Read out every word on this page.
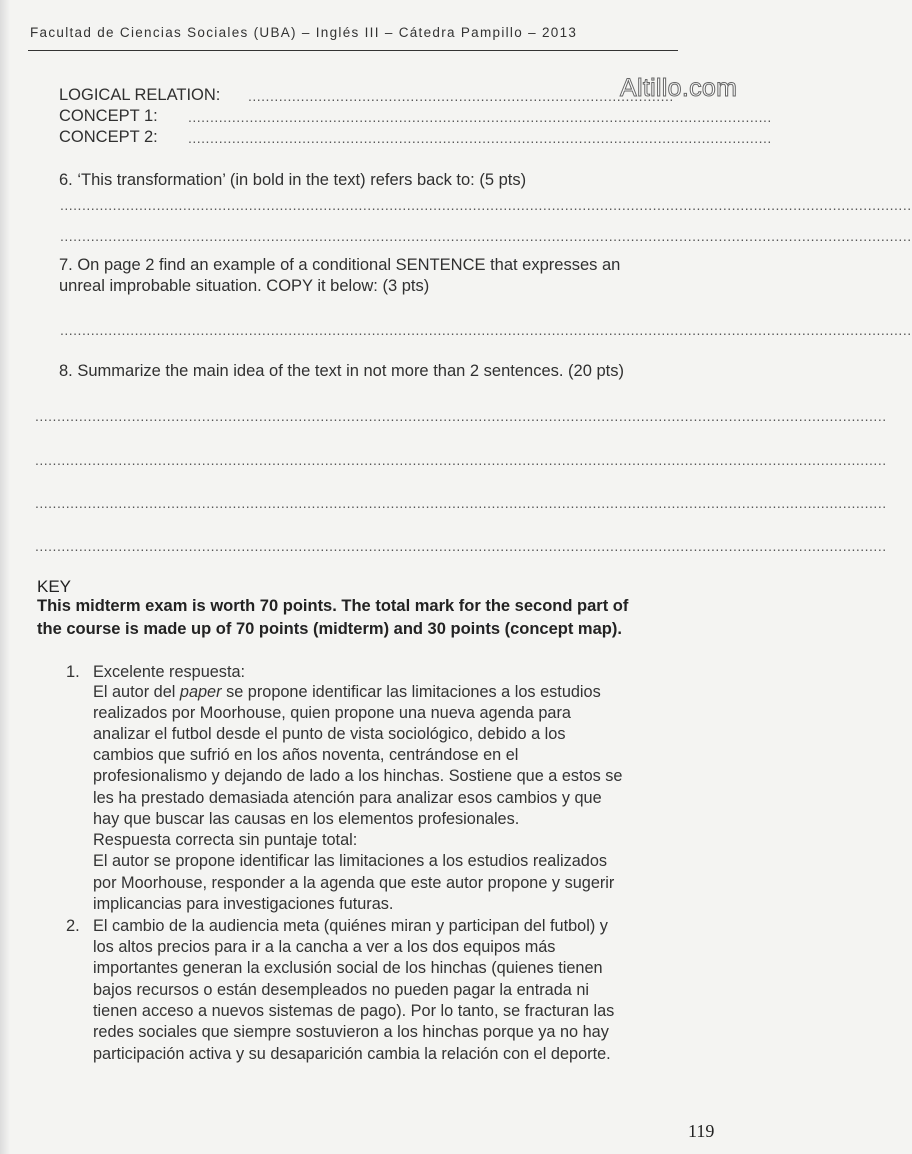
Facultad de Ciencias Sociales (UBA) – Inglés III – Cátedra Pampillo – 2013
Altillo.com
LOGICAL RELATION: .................................................................................................
CONCEPT 1: .....................................................................................................................................
CONCEPT 2: .....................................................................................................................................
6. ‘This transformation’ (in bold in the text) refers back to: (5 pts)
..................................................................................................................................................................................................
..................................................................................................................................................................................................
7. On page 2 find an example of a conditional SENTENCE that expresses an
unreal improbable situation. COPY it below: (3 pts)
..................................................................................................................................................................................................
8. Summarize the main idea of the text in not more than 2 sentences. (20 pts)
..................................................................................................................................................................................................
..................................................................................................................................................................................................
..................................................................................................................................................................................................
..................................................................................................................................................................................................
KEY
This midterm exam is worth 70 points. The total mark for the second part of
the course is made up of 70 points (midterm) and 30 points (concept map).
1. Excelente respuesta:
El autor del paper se propone identificar las limitaciones a los estudios
realizados por Moorhouse, quien propone una nueva agenda para
analizar el futbol desde el punto de vista sociológico, debido a los
cambios que sufrió en los años noventa, centrándose en el
profesionalismo y dejando de lado a los hinchas. Sostiene que a estos se
les ha prestado demasiada atención para analizar esos cambios y que
hay que buscar las causas en los elementos profesionales.
Respuesta correcta sin puntaje total:
El autor se propone identificar las limitaciones a los estudios realizados
por Moorhouse, responder a la agenda que este autor propone y sugerir
implicancias para investigaciones futuras.
2. El cambio de la audiencia meta (quiénes miran y participan del futbol) y
los altos precios para ir a la cancha a ver a los dos equipos más
importantes generan la exclusión social de los hinchas (quienes tienen
bajos recursos o están desempleados no pueden pagar la entrada ni
tienen acceso a nuevos sistemas de pago). Por lo tanto, se fracturan las
redes sociales que siempre sostuvieron a los hinchas porque ya no hay
participación activa y su desaparición cambia la relación con el deporte.
119
